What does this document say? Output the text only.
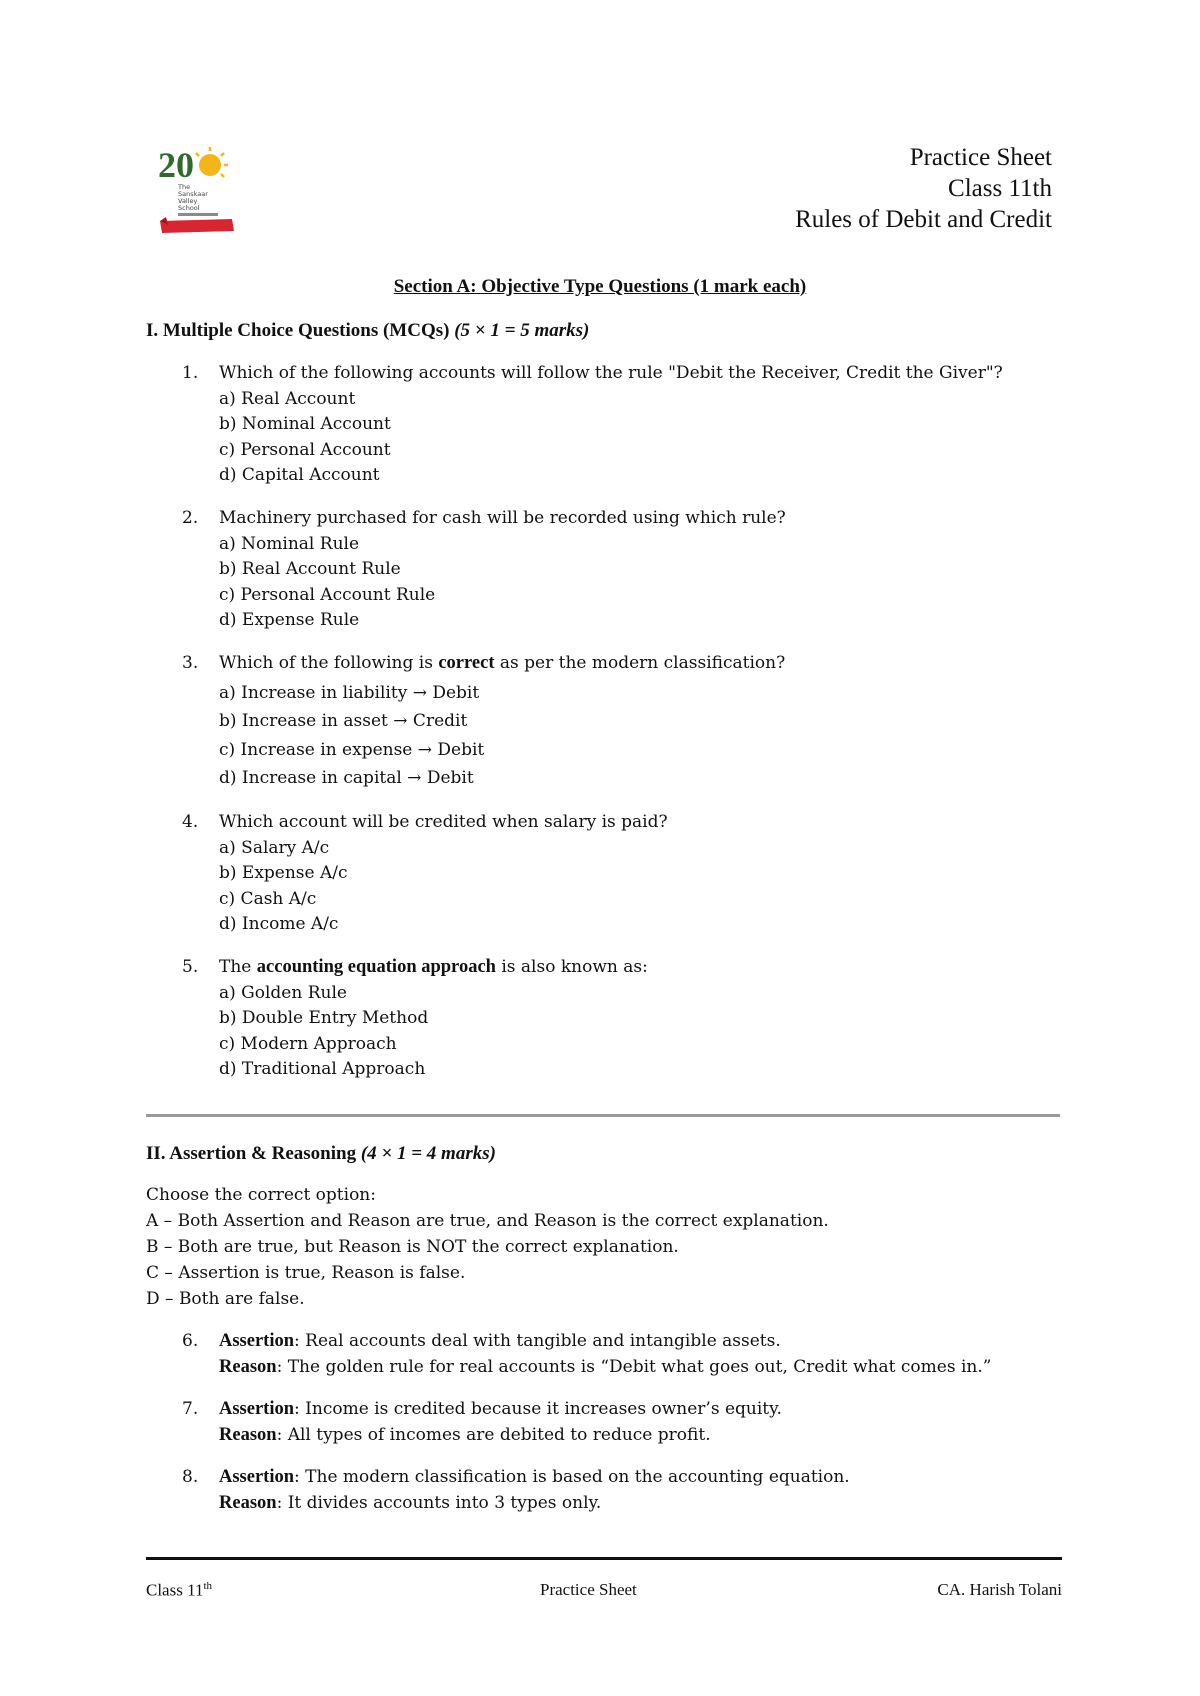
20
The
Sanskaar
Valley
School
Practice Sheet
Class 11th
Rules of Debit and Credit
Section A: Objective Type Questions (1 mark each)
I. Multiple Choice Questions (MCQs) (5 × 1 = 5 marks)
1.	Which of the following accounts will follow the rule "Debit the Receiver, Credit the Giver"?
a) Real Account
b) Nominal Account
c) Personal Account
d) Capital Account
2.	Machinery purchased for cash will be recorded using which rule?
a) Nominal Rule
b) Real Account Rule
c) Personal Account Rule
d) Expense Rule
3.	Which of the following is correct as per the modern classification?
a) Increase in liability → Debit
b) Increase in asset → Credit
c) Increase in expense → Debit
d) Increase in capital → Debit
4.	Which account will be credited when salary is paid?
a) Salary A/c
b) Expense A/c
c) Cash A/c
d) Income A/c
5.	The accounting equation approach is also known as:
a) Golden Rule
b) Double Entry Method
c) Modern Approach
d) Traditional Approach
II. Assertion & Reasoning (4 × 1 = 4 marks)
Choose the correct option:
A – Both Assertion and Reason are true, and Reason is the correct explanation.
B – Both are true, but Reason is NOT the correct explanation.
C – Assertion is true, Reason is false.
D – Both are false.
6.	Assertion: Real accounts deal with tangible and intangible assets.
Reason: The golden rule for real accounts is “Debit what goes out, Credit what comes in.”
7.	Assertion: Income is credited because it increases owner’s equity.
Reason: All types of incomes are debited to reduce profit.
8.	Assertion: The modern classification is based on the accounting equation.
Reason: It divides accounts into 3 types only.
Class 11th	Practice Sheet	CA. Harish Tolani
